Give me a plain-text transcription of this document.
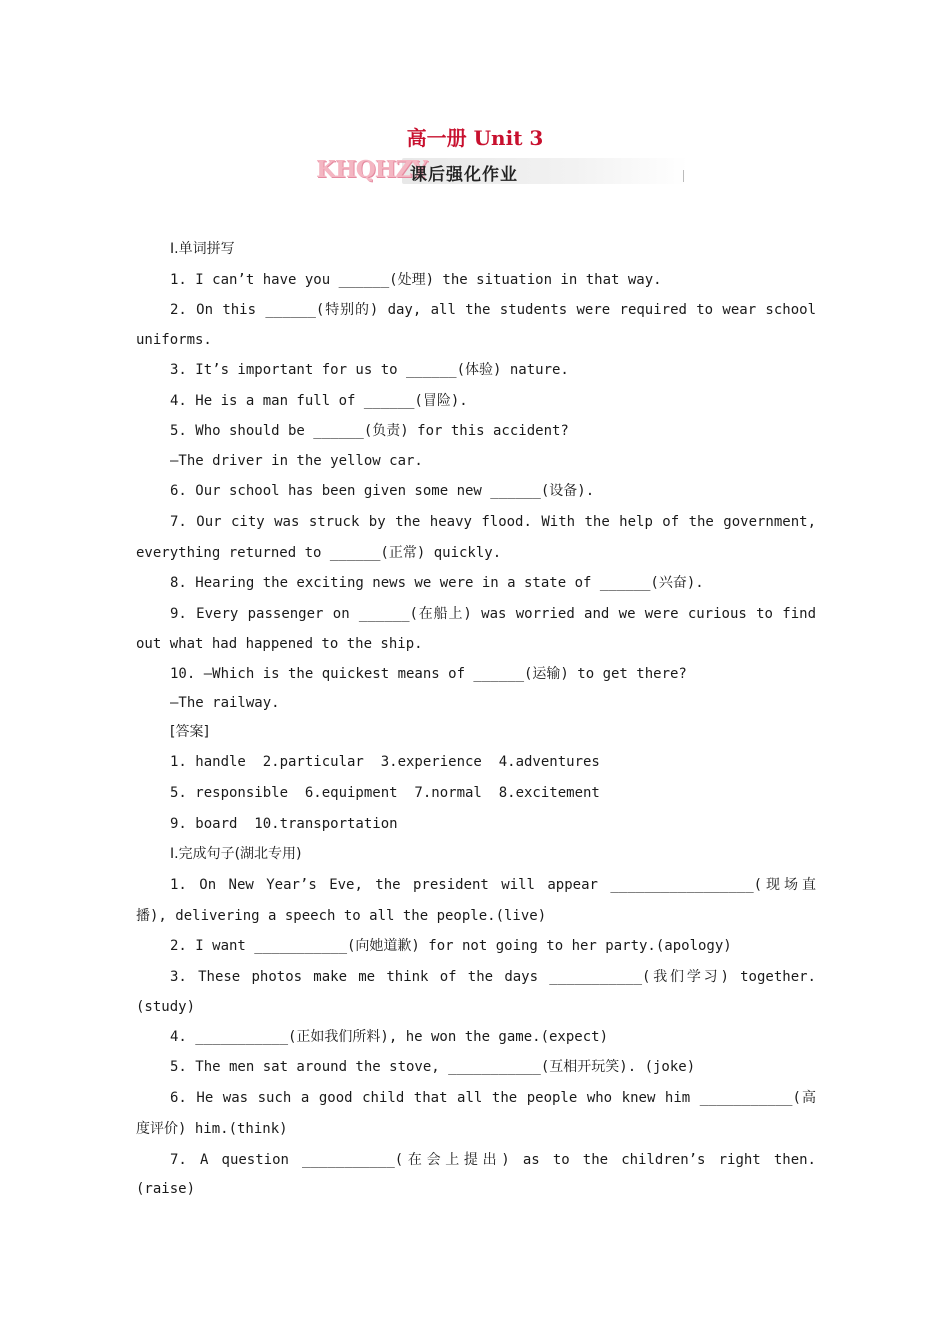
高一册 Unit 3
KHQHZY
课后强化作业
Ⅰ.单词拼写
1. I can’t have you ______(处理) the situation in that way.
2. On this ______(特别的) day, all the students were required to wear school
uniforms.
3. It’s important for us to ______(体验) nature.
4. He is a man full of ______(冒险).
5. Who should be ______(负责) for this accident?
—The driver in the yellow car.
6. Our school has been given some new ______(设备).
7. Our city was struck by the heavy flood. With the help of the government,
everything returned to ______(正常) quickly.
8. Hearing the exciting news we were in a state of ______(兴奋).
9. Every passenger on ______(在船上) was worried and we were curious to find
out what had happened to the ship.
10. —Which is the quickest means of ______(运输) to get there?
—The railway.
[答案]
1. handle  2.particular  3.experience  4.adventures
5. responsible  6.equipment  7.normal  8.excitement
9. board  10.transportation
Ⅰ.完成句子(湖北专用)
1. On New Year’s Eve, the president will appear _________________(现场直
播), delivering a speech to all the people.(live)
2. I want ___________(向她道歉) for not going to her party.(apology)
3. These photos make me think of the days ___________(我们学习) together.
(study)
4. ___________(正如我们所料), he won the game.(expect)
5. The men sat around the stove, ___________(互相开玩笑). (joke)
6. He was such a good child that all the people who knew him ___________(高
度评价) him.(think)
7. A question ___________(在会上提出) as to the children’s right then.
(raise)
